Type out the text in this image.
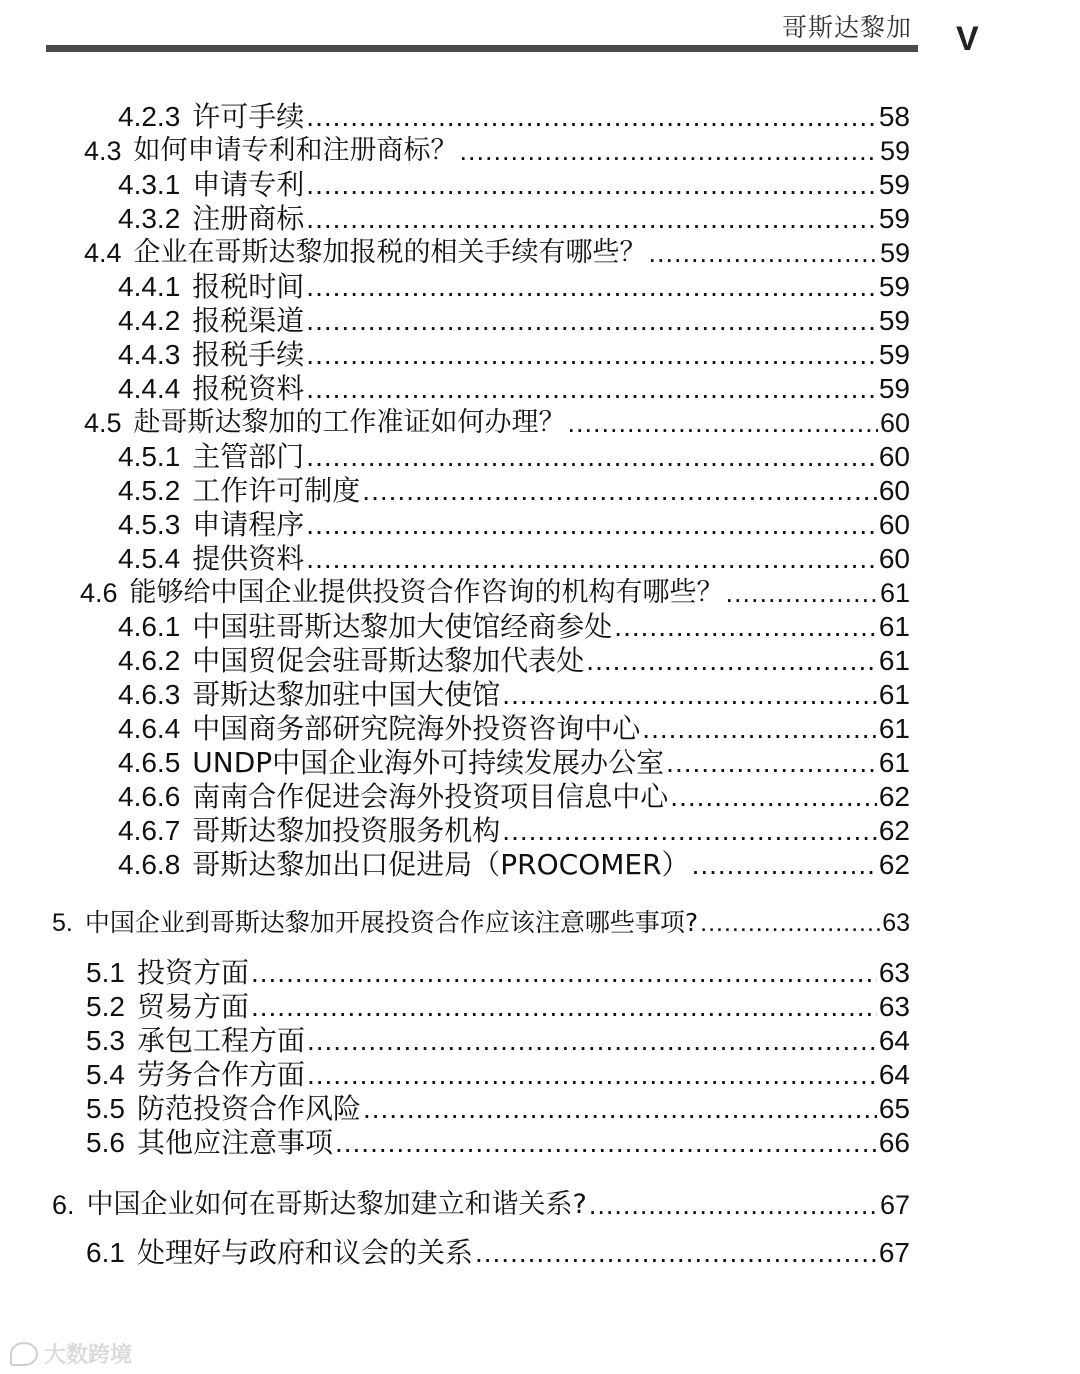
哥斯达黎加 V
4.2.3 许可手续 .....	58
4.3 如何申请专利和注册商标？ .....	59
4.3.1 申请专利 .....	59
4.3.2 注册商标 .....	59
4.4 企业在哥斯达黎加报税的相关手续有哪些？ .....	59
4.4.1 报税时间 .....	59
4.4.2 报税渠道 .....	59
4.4.3 报税手续 .....	59
4.4.4 报税资料 .....	59
4.5 赴哥斯达黎加的工作准证如何办理？ .....	60
4.5.1 主管部门 .....	60
4.5.2 工作许可制度 .....	60
4.5.3 申请程序 .....	60
4.5.4 提供资料 .....	60
4.6 能够给中国企业提供投资合作咨询的机构有哪些？ .....	61
4.6.1 中国驻哥斯达黎加大使馆经商参处 .....	61
4.6.2 中国贸促会驻哥斯达黎加代表处 .....	61
4.6.3 哥斯达黎加驻中国大使馆 .....	61
4.6.4 中国商务部研究院海外投资咨询中心 .....	61
4.6.5 UNDP中国企业海外可持续发展办公室 .....	61
4.6.6 南南合作促进会海外投资项目信息中心 .....	62
4.6.7 哥斯达黎加投资服务机构 .....	62
4.6.8 哥斯达黎加出口促进局（PROCOMER） .....	62
5. 中国企业到哥斯达黎加开展投资合作应该注意哪些事项? .....	63
5.1 投资方面 .....	63
5.2 贸易方面 .....	63
5.3 承包工程方面 .....	64
5.4 劳务合作方面 .....	64
5.5 防范投资合作风险 .....	65
5.6 其他应注意事项 .....	66
6. 中国企业如何在哥斯达黎加建立和谐关系? .....	67
6.1 处理好与政府和议会的关系 .....	67
大数跨境
